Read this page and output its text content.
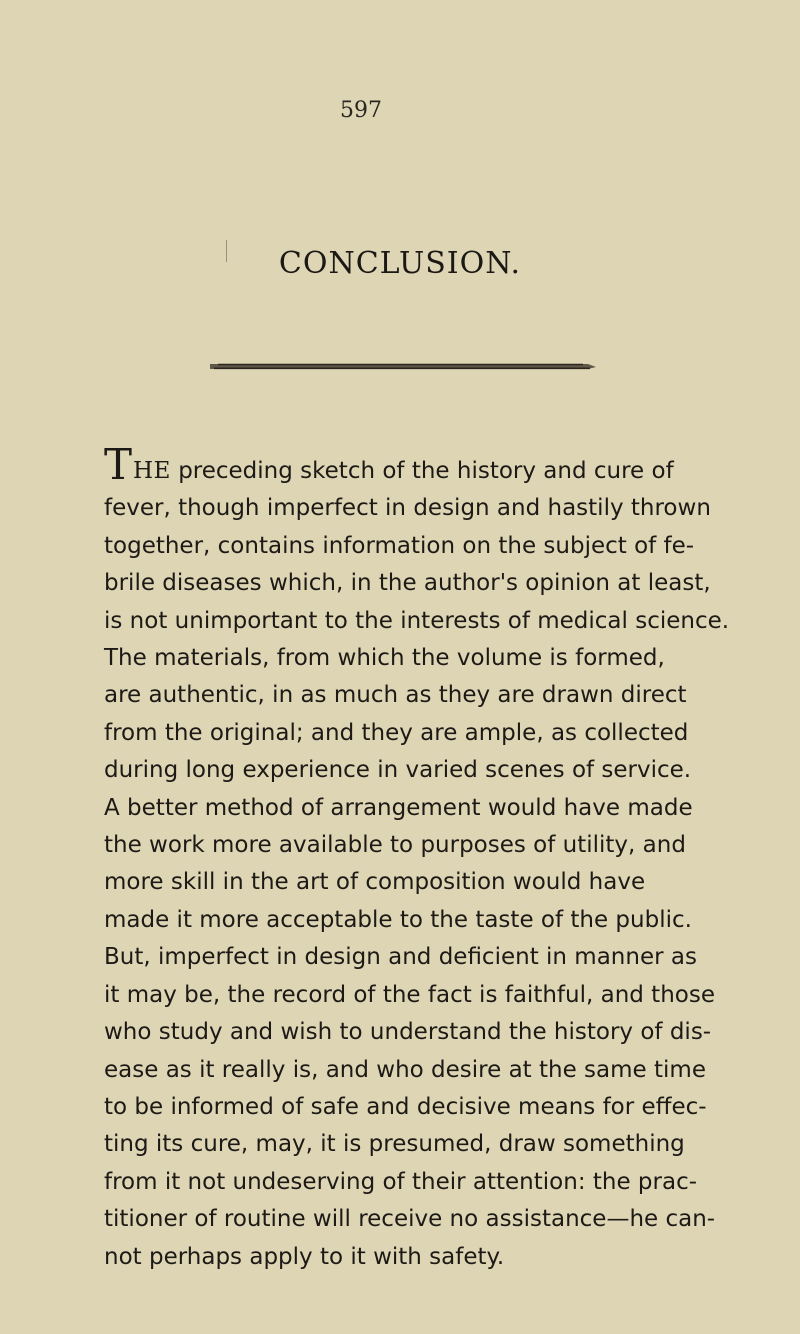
597
CONCLUSION.
THE preceding sketch of the history and cure of
fever, though imperfect in design and hastily thrown
together, contains information on the subject of fe-
brile diseases which, in the author's opinion at least,
is not unimportant to the interests of medical science.
The materials, from which the volume is formed,
are authentic, in as much as they are drawn direct
from the original; and they are ample, as collected
during long experience in varied scenes of service.
A better method of arrangement would have made
the work more available to purposes of utility, and
more skill in the art of composition would have
made it more acceptable to the taste of the public.
But, imperfect in design and deficient in manner as
it may be, the record of the fact is faithful, and those
who study and wish to understand the history of dis-
ease as it really is, and who desire at the same time
to be informed of safe and decisive means for effec-
ting its cure, may, it is presumed, draw something
from it not undeserving of their attention: the prac-
titioner of routine will receive no assistance—he can-
not perhaps apply to it with safety.
